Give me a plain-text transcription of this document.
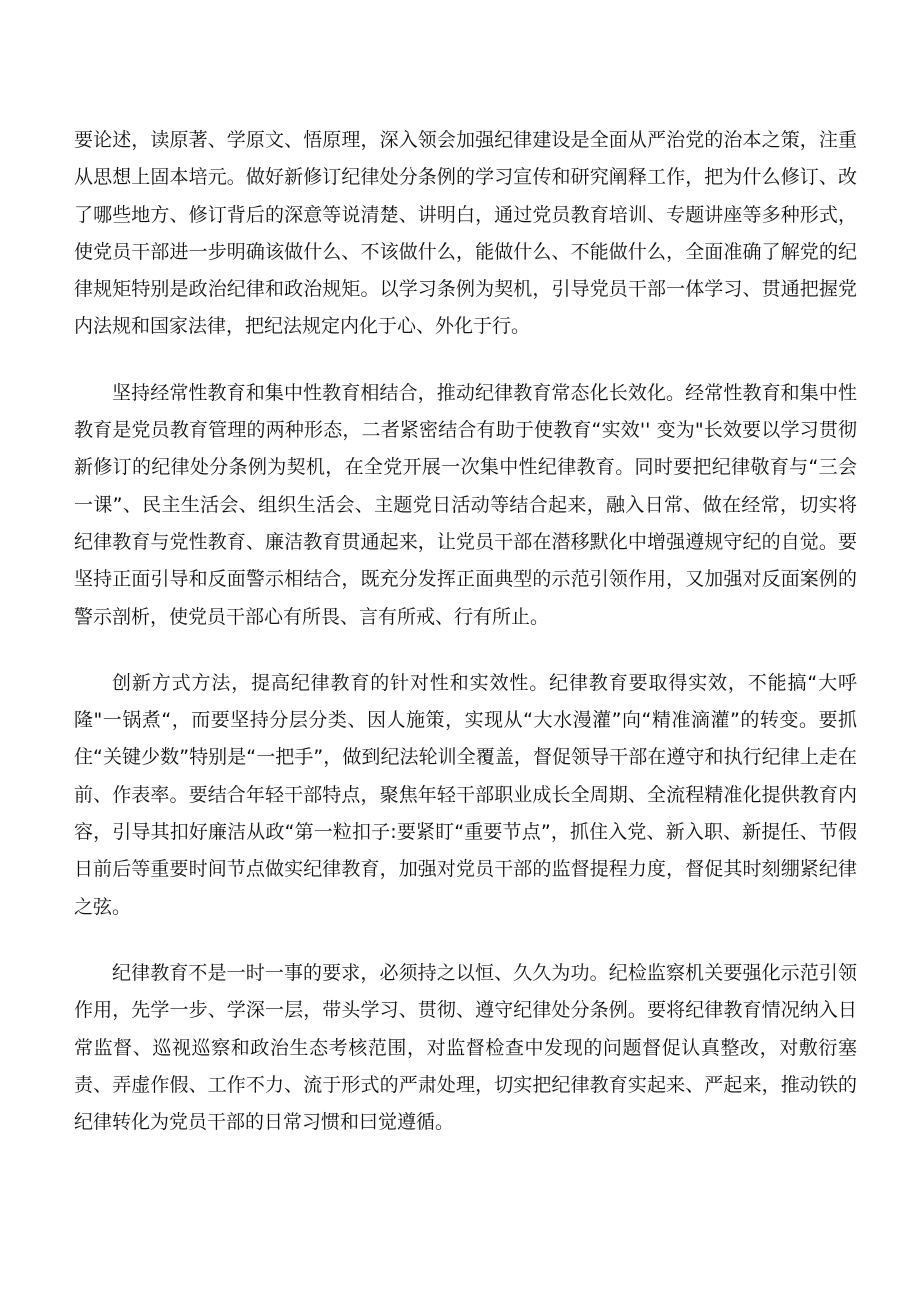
要论述，读原著、学原文、悟原理，深入领会加强纪律建设是全面从严治党的治本之策，注重从思想上固本培元。做好新修订纪律处分条例的学习宣传和研究阐释工作，把为什么修订、改了哪些地方、修订背后的深意等说清楚、讲明白，通过党员教育培训、专题讲座等多种形式，使党员干部进一步明确该做什么、不该做什么，能做什么、不能做什么，全面准确了解党的纪律规矩特别是政治纪律和政治规矩。以学习条例为契机，引导党员干部一体学习、贯通把握党内法规和国家法律，把纪法规定内化于心、外化于行。

坚持经常性教育和集中性教育相结合，推动纪律教育常态化长效化。经常性教育和集中性教育是党员教育管理的两种形态，二者紧密结合有助于使教育“实效'' 变为"长效要以学习贯彻新修订的纪律处分条例为契机，在全党开展一次集中性纪律教育。同时要把纪律敬育与“三会一课”、民主生活会、组织生活会、主题党日活动等结合起来，融入日常、做在经常，切实将纪律教育与党性教育、廉洁教育贯通起来，让党员干部在潜移默化中增强遵规守纪的自觉。要坚持正面引导和反面警示相结合，既充分发挥正面典型的示范引领作用，又加强对反面案例的警示剖析，使党员干部心有所畏、言有所戒、行有所止。

创新方式方法，提高纪律教育的针对性和实效性。纪律教育要取得实效，不能搞“大呼隆"一锅煮“，而要坚持分层分类、因人施策，实现从“大水漫灌”向“精准滴灌”的转变。要抓住“关键少数”特别是“一把手”，做到纪法轮训全覆盖，督促领导干部在遵守和执行纪律上走在前、作表率。要结合年轻干部特点，聚焦年轻干部职业成长全周期、全流程精准化提供教育内容，引导其扣好廉洁从政“第一粒扣子:要紧盯“重要节点”，抓住入党、新入职、新提任、节假日前后等重要时间节点做实纪律教育，加强对党员干部的监督提程力度，督促其时刻绷紧纪律之弦。

纪律教育不是一时一事的要求，必须持之以恒、久久为功。纪检监察机关要强化示范引领作用，先学一步、学深一层，带头学习、贯彻、遵守纪律处分条例。要将纪律教育情况纳入日常监督、巡视巡察和政治生态考核范围，对监督检查中发现的问题督促认真整改，对敷衍塞责、弄虚作假、工作不力、流于形式的严肃处理，切实把纪律教育实起来、严起来，推动铁的纪律转化为党员干部的日常习惯和曰觉遵循。
